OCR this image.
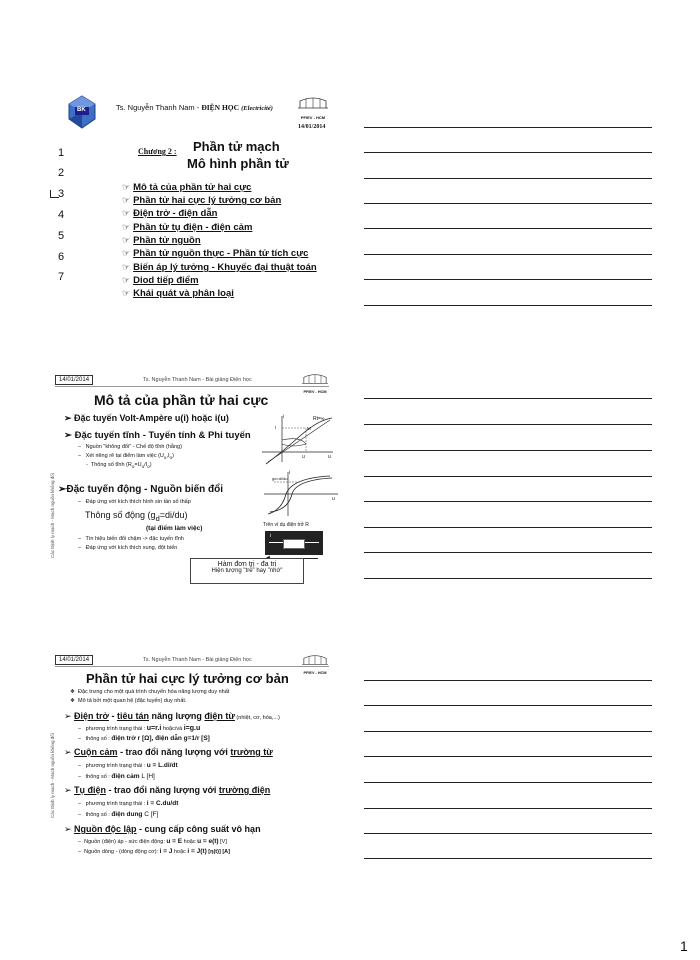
BK	Ts. Nguyễn Thanh Nam - ĐIỆN HỌC (Electricité)
PFIEV - HCM
14/01/2014
1
2
3
4
5
6
7
Chương 2 : Phần tử mạch
Mô hình phần tử
☞ Mô tả của phần tử hai cực
☞ Phần tử hai cực lý tưởng cơ bản
☞ Điện trở - điện dẫn
☞ Phần tử tụ điện - điện cảm
☞ Phần tử nguồn
☞ Phần tử nguồn thực - Phần tử tích cực
☞ Biến áp lý tưởng - Khuyếc đại thuật toán
☞ Diod tiếp điểm
☞ Khái quát và phân loại
14/01/2014	Ts. Nguyễn Thanh Nam - Bài giảng Điện học
PFIEV - HCM
Các Định ly mạch - Mạch nguồn không đổi
Mô tả của phần tử hai cực
➢ Đặc tuyến Volt-Ampère u(i) hoặc i(u)
➢ Đặc tuyến tĩnh - Tuyến tính & Phi tuyến
–   Nguồn "không đổi" - Chế độ tĩnh (hằng)
–   Xét riêng rẽ tại điểm làm việc $(U_o,I_o)$
-  Thông số tĩnh $(R_o=U_o/I_o)$
➢Đặc tuyến động - Nguồn biến đổi
–   Đáp ứng với kích thích hình sin tần số thấp
Thông số động $(g_d=di/du)$
(tại điểm làm việc)
–   Tín hiệu biến đổi chậm -> đặc tuyến tĩnh
–   Đáp ứng với kích thích xung, đột biến
i	Rt=∞
I	M
U	u
i
gd=di/du
u
Trên ví dụ điện trở R
i
Hàm đơn trị - đa trị
Hiện tượng "trễ" hay "nhớ"
14/01/2014	Ts. Nguyễn Thanh Nam - Bài giảng Điện học
PFIEV - HCM
Các Định ly mạch - Mạch nguồn không đổi
Phần tử hai cực lý tưởng cơ bản
❖  Đặc trưng cho một quá trình chuyển hóa năng lượng duy nhất
❖  Mô tả bởi một quan hệ (đặc tuyến) duy nhất.
➢ Điện trở - tiêu tán năng lượng điện từ (nhiệt, cơ, hóa,...)
–   phương trình trạng thái : u=r.i hoặc/và i=g.u
–   thông số : điện trở r [Ω], điện dẫn g=1/r [S]
➢ Cuộn cảm - trao đổi năng lượng với trường từ
–   phương trình trạng thái : u = L.di/dt
–   thông số : điện cảm L [H]
➢ Tụ điện - trao đổi năng lượng với trường điện
–   phương trình trạng thái : i = C.du/dt
–   thông số : điện dung C [F]
➢ Nguồn độc lập - cung cấp công suất vô hạn
–  Nguồn (điện) áp - sức điện động: u = E hoặc u = e(t) [V]
–  Nguồn dòng - (dòng động cơ): i = J hoặc i = J(t) [η(t)] [A]
1
